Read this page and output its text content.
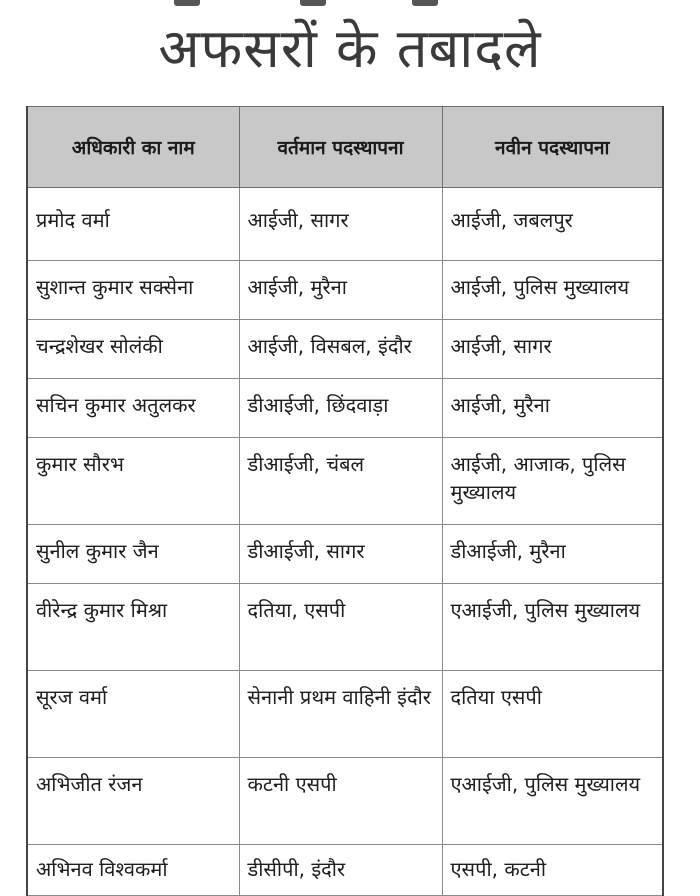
अफसरों के तबादले
अधिकारी का नाम	वर्तमान पदस्थापना	नवीन पदस्थापना
प्रमोद वर्मा	आईजी, सागर	आईजी, जबलपुर
सुशान्त कुमार सक्सेना	आईजी, मुरैना	आईजी, पुलिस मुख्यालय
चन्द्रशेखर सोलंकी	आईजी, विसबल, इंदौर	आईजी, सागर
सचिन कुमार अतुलकर	डीआईजी, छिंदवाड़ा	आईजी, मुरैना
कुमार सौरभ	डीआईजी, चंबल	आईजी, आजाक, पुलिस मुख्यालय
सुनील कुमार जैन	डीआईजी, सागर	डीआईजी, मुरैना
वीरेन्द्र कुमार मिश्रा	दतिया, एसपी	एआईजी, पुलिस मुख्यालय
सूरज वर्मा	सेनानी प्रथम वाहिनी इंदौर	दतिया एसपी
अभिजीत रंजन	कटनी एसपी	एआईजी, पुलिस मुख्यालय
अभिनव विश्वकर्मा	डीसीपी, इंदौर	एसपी, कटनी
